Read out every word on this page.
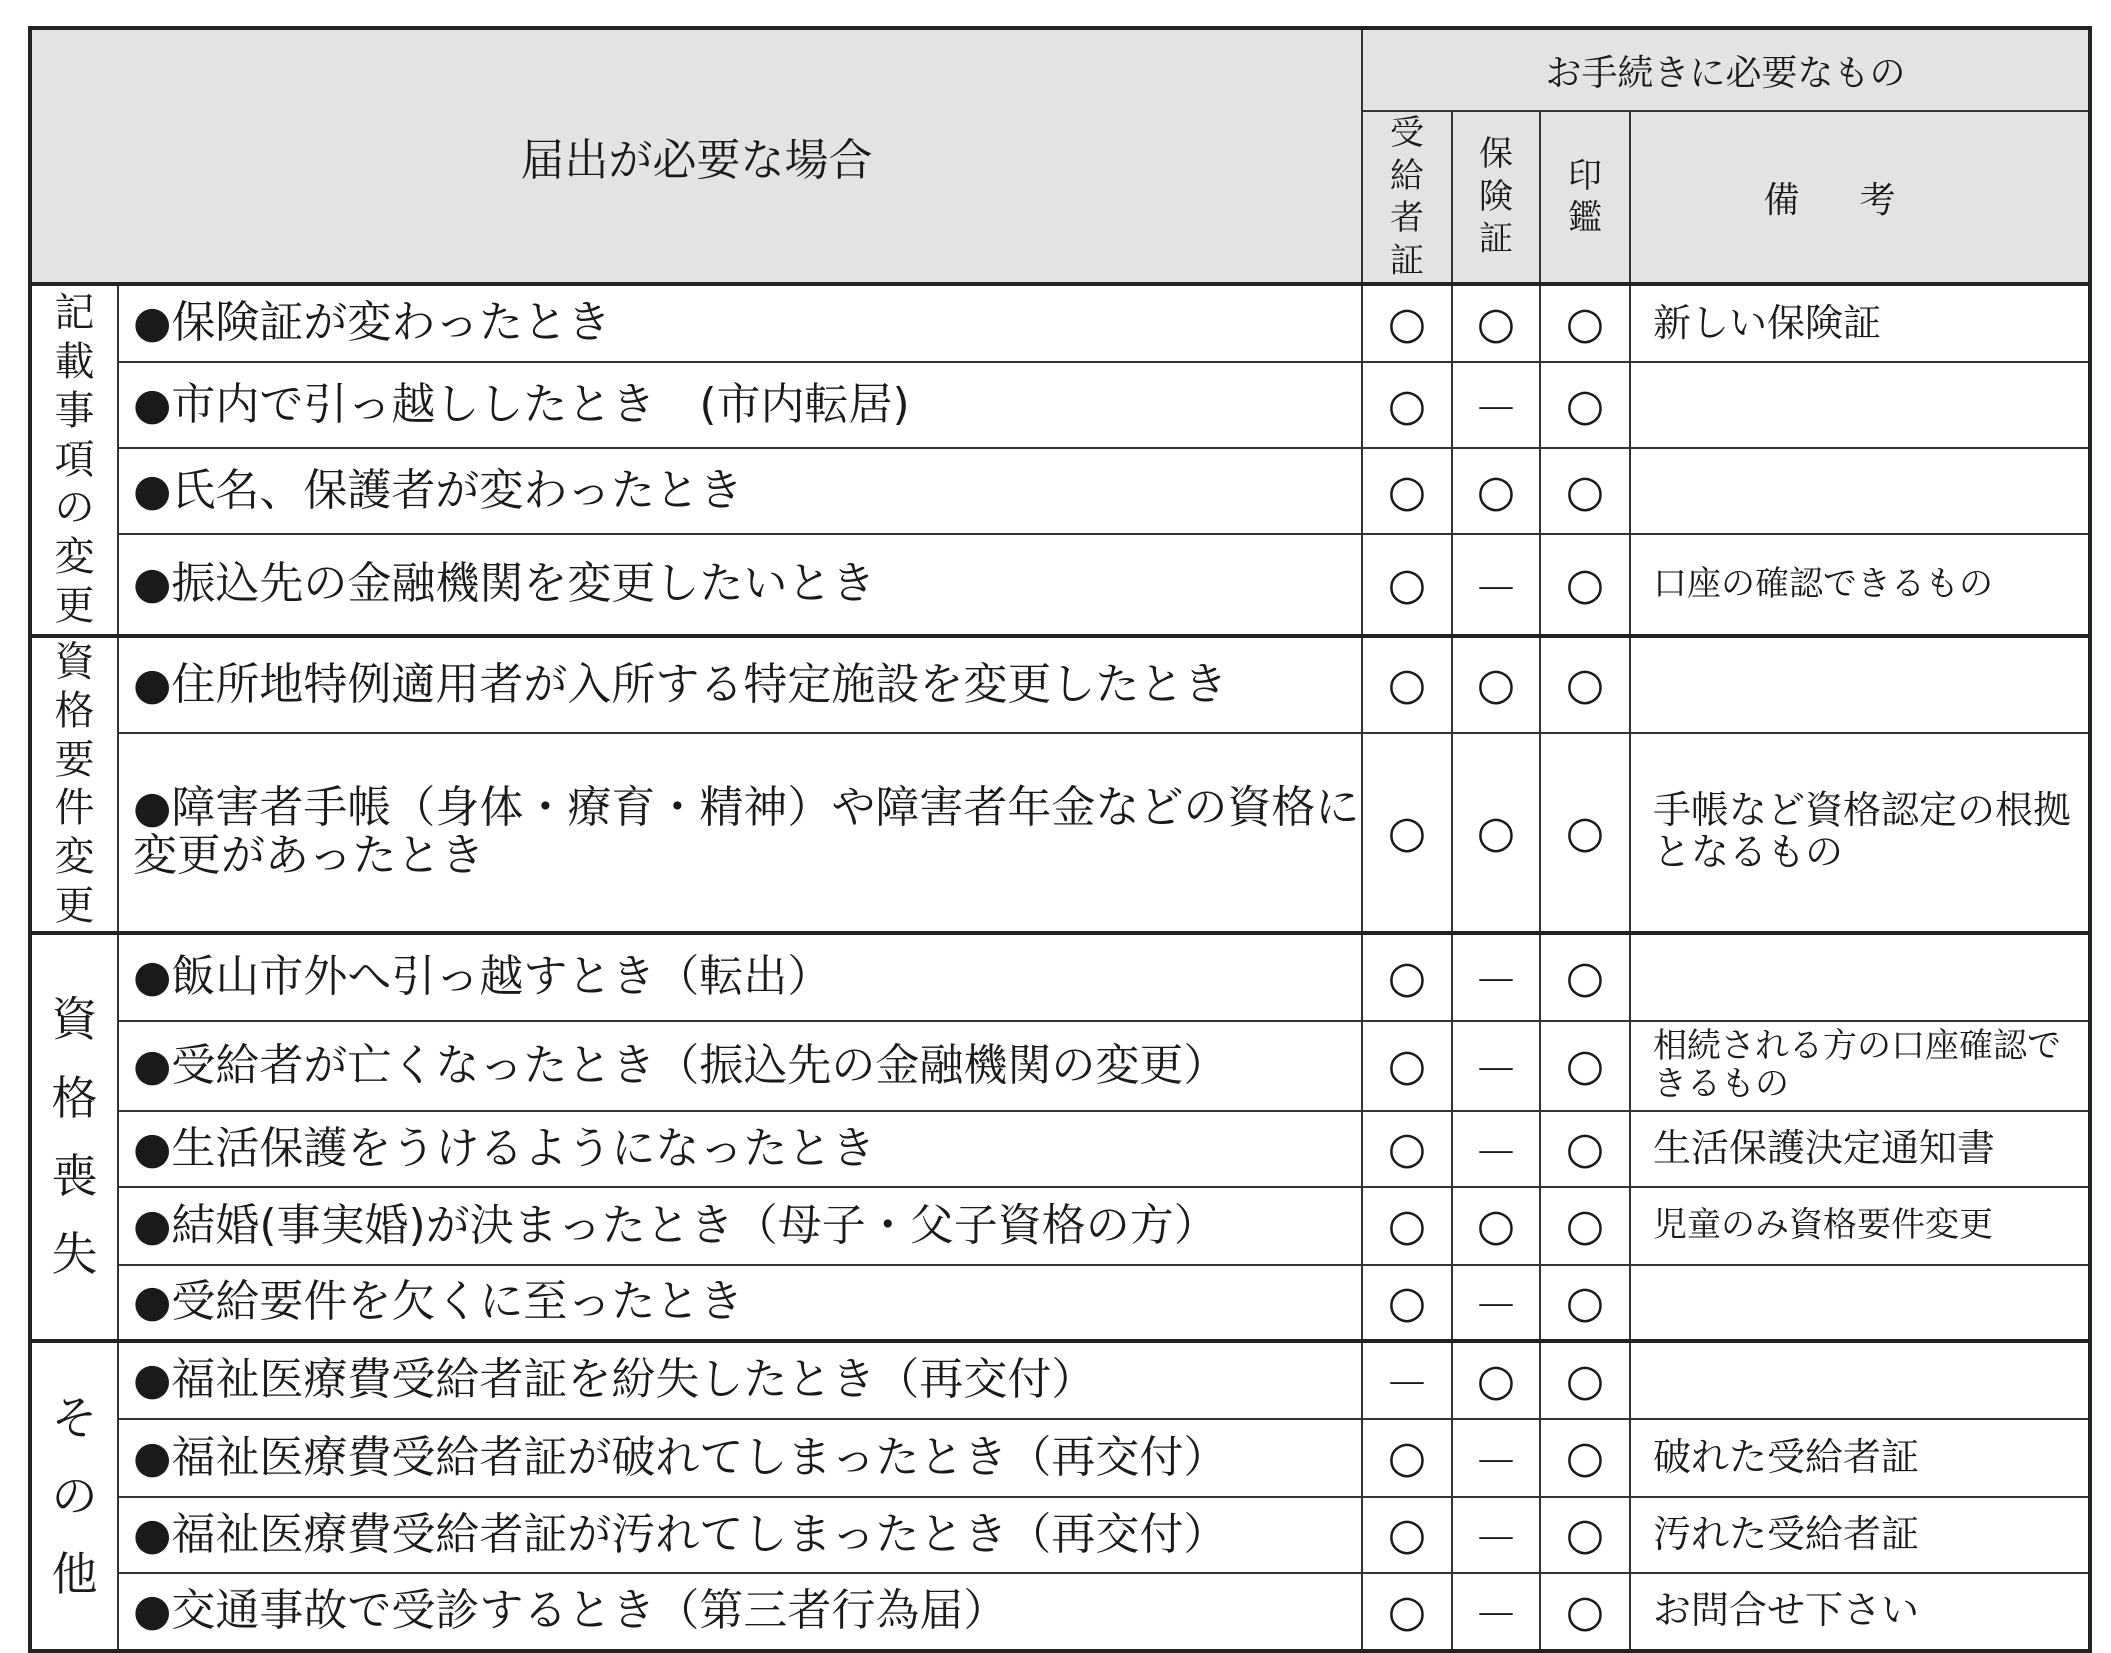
届出が必要な場合		お手続きに必要なもの			
		受給者証	保険証	印鑑	備考
記載事項の変更	●保険証が変わったとき	○	○	○	新しい保険証
	●市内で引っ越ししたとき　(市内転居)	○	－	○	
	●氏名、保護者が変わったとき	○	○	○	
	●振込先の金融機関を変更したいとき	○	－	○	口座の確認できるもの
資格要件変更	●住所地特例適用者が入所する特定施設を変更したとき	○	○	○	
	●障害者手帳（身体・療育・精神）や障害者年金などの資格に変更があったとき	○	○	○	手帳など資格認定の根拠となるもの
資格喪失	●飯山市外へ引っ越すとき（転出）	○	－	○	
	●受給者が亡くなったとき（振込先の金融機関の変更）	○	－	○	相続される方の口座確認できるもの
	●生活保護をうけるようになったとき	○	－	○	生活保護決定通知書
	●結婚(事実婚)が決まったとき（母子・父子資格の方）	○	○	○	児童のみ資格要件変更
	●受給要件を欠くに至ったとき	○	－	○	
その他	●福祉医療費受給者証を紛失したとき（再交付）	－	○	○	
	●福祉医療費受給者証が破れてしまったとき（再交付）	○	－	○	破れた受給者証
	●福祉医療費受給者証が汚れてしまったとき（再交付）	○	－	○	汚れた受給者証
	●交通事故で受診するとき（第三者行為届）	○	－	○	お問合せ下さい
